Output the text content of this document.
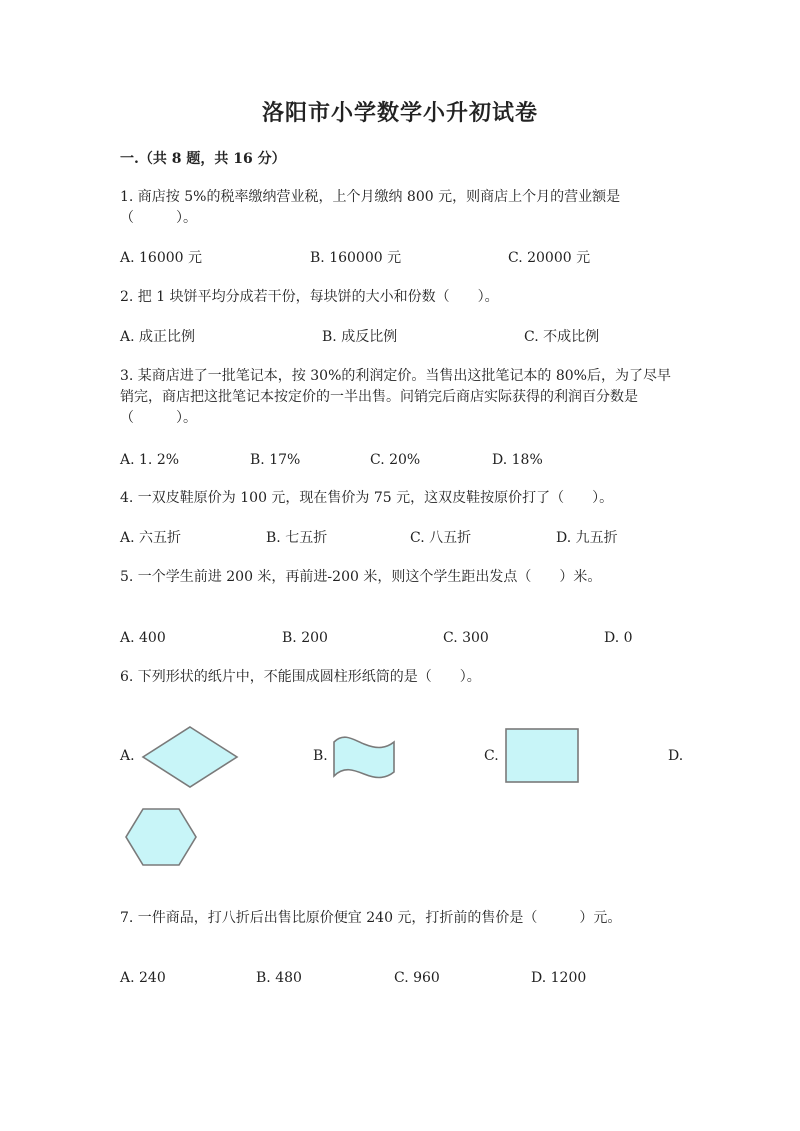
洛阳市小学数学小升初试卷
一.（共 8 题，共 16 分）
1. 商店按 5%的税率缴纳营业税，上个月缴纳 800 元，则商店上个月的营业额是（　　　）。
A. 16000 元	B. 160000 元	C. 20000 元
2. 把 1 块饼平均分成若干份，每块饼的大小和份数（　　）。
A. 成正比例	B. 成反比例	C. 不成比例
3. 某商店进了一批笔记本，按 30%的利润定价。当售出这批笔记本的 80%后，为了尽早销完，商店把这批笔记本按定价的一半出售。问销完后商店实际获得的利润百分数是（　　　）。
A. 1. 2%	B. 17%	C. 20%	D. 18%
4. 一双皮鞋原价为 100 元，现在售价为 75 元，这双皮鞋按原价打了（　　）。
A. 六五折	B. 七五折	C. 八五折	D. 九五折
5. 一个学生前进 200 米，再前进-200 米，则这个学生距出发点（　　）米。
A. 400	B. 200	C. 300	D. 0
6. 下列形状的纸片中，不能围成圆柱形纸筒的是（　　）。
A.	B.	C.	D.
7. 一件商品，打八折后出售比原价便宜 240 元，打折前的售价是（　　　）元。
A. 240	B. 480	C. 960	D. 1200
